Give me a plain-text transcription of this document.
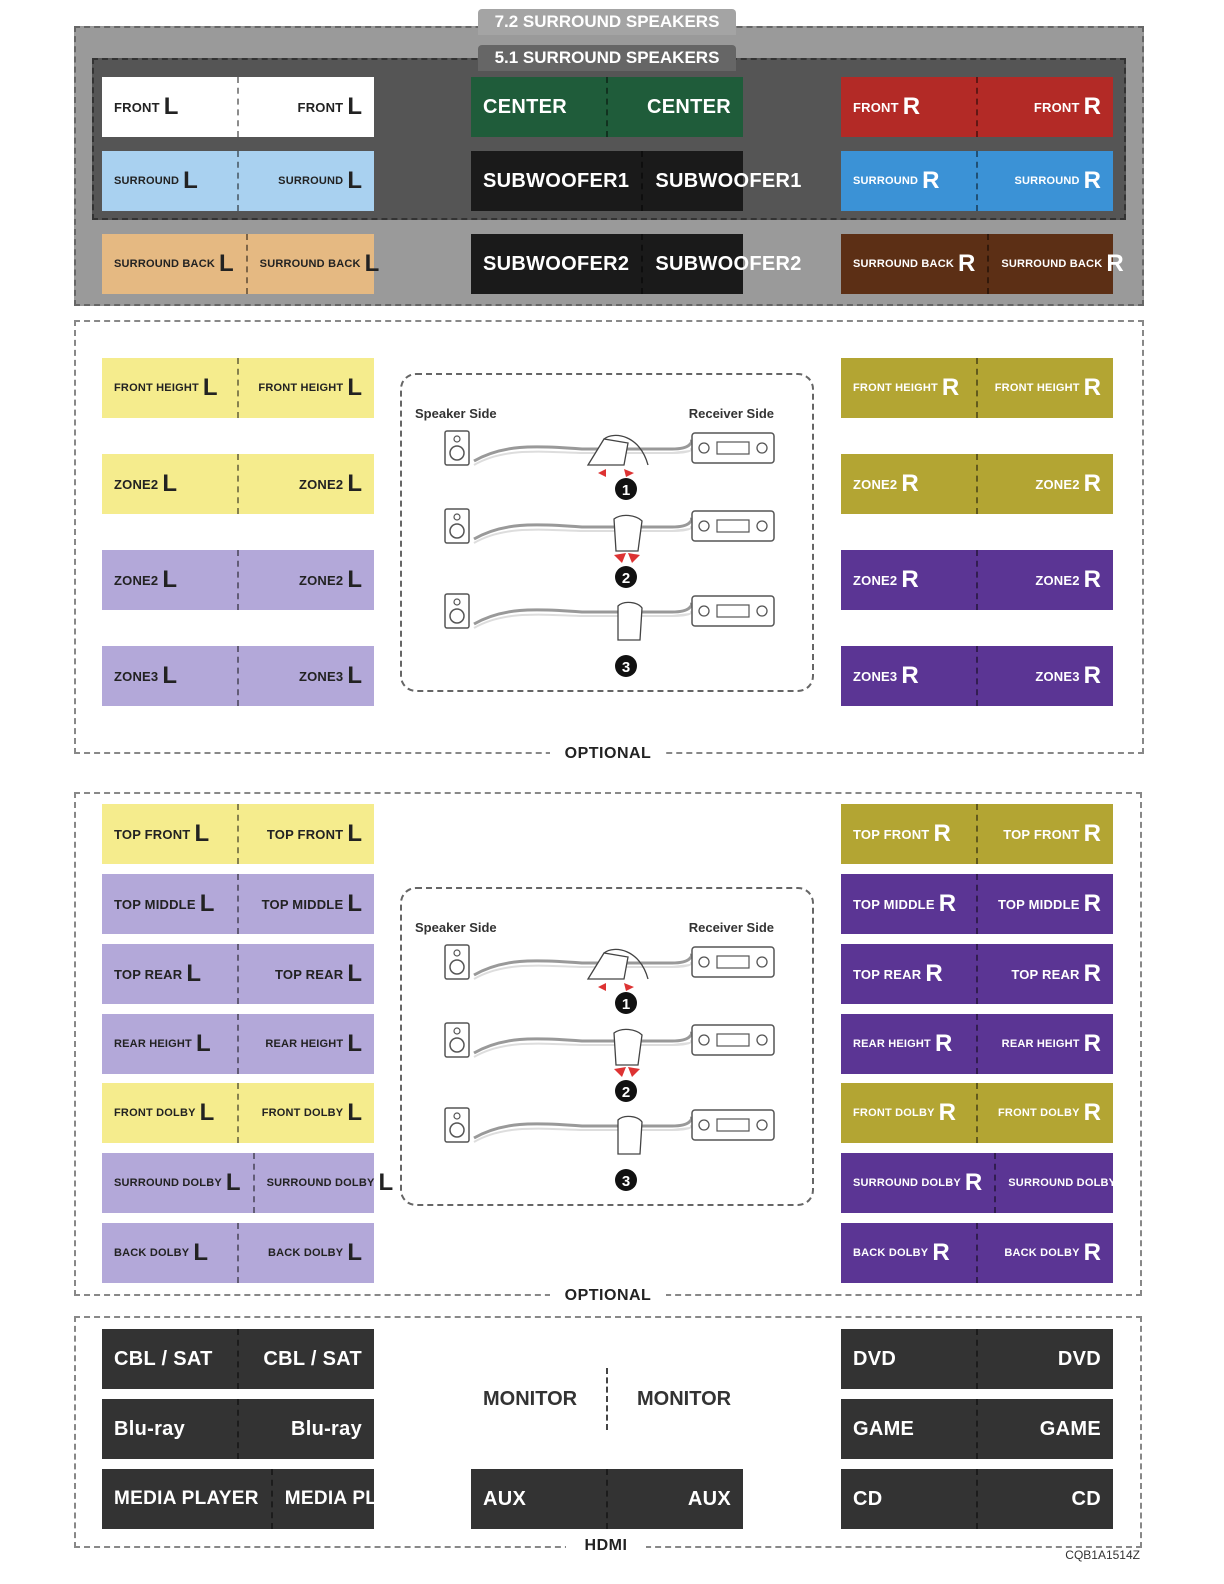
7.2 SURROUND SPEAKERS
5.1 SURROUND SPEAKERS
FRONT L	FRONT L
SURROUND L	SURROUND L
SURROUND BACK L SURROUND BACK L
CENTER	CENTER
SUBWOOFER1 SUBWOOFER1
SUBWOOFER2 SUBWOOFER2
FRONT R	FRONT R
SURROUND R	SURROUND R
SURROUND BACK R SURROUND BACK R
OPTIONAL
FRONT HEIGHT L	FRONT HEIGHT L
ZONE2 L	ZONE2 L
ZONE2 L	ZONE2 L
ZONE3 L	ZONE3 L
FRONT HEIGHT R	FRONT HEIGHT R
ZONE2 R	ZONE2 R
ZONE2 R	ZONE2 R
ZONE3 R	ZONE3 R
Speaker Side	Receiver Side
1
2
3
OPTIONAL
TOP FRONT L	TOP FRONT L
TOP MIDDLE L	TOP MIDDLE L
TOP REAR L	TOP REAR L
REAR HEIGHT L	REAR HEIGHT L
FRONT DOLBY L	FRONT DOLBY L
SURROUND DOLBY L SURROUND DOLBY L
BACK DOLBY L	BACK DOLBY L
TOP FRONT R	TOP FRONT R
TOP MIDDLE R	TOP MIDDLE R
TOP REAR R	TOP REAR R
REAR HEIGHT R	REAR HEIGHT R
FRONT DOLBY R	FRONT DOLBY R
SURROUND DOLBY R SURROUND DOLBY R
BACK DOLBY R	BACK DOLBY R
Speaker Side	Receiver Side
1
2
3
HDMI
CBL / SAT	CBL / SAT
Blu-ray	Blu-ray
MEDIA PLAYER MEDIA PLAYER	AUX	AUX
DVD	DVD
GAME	GAME
CD	CD
MONITOR	MONITOR
CQB1A1514Z
